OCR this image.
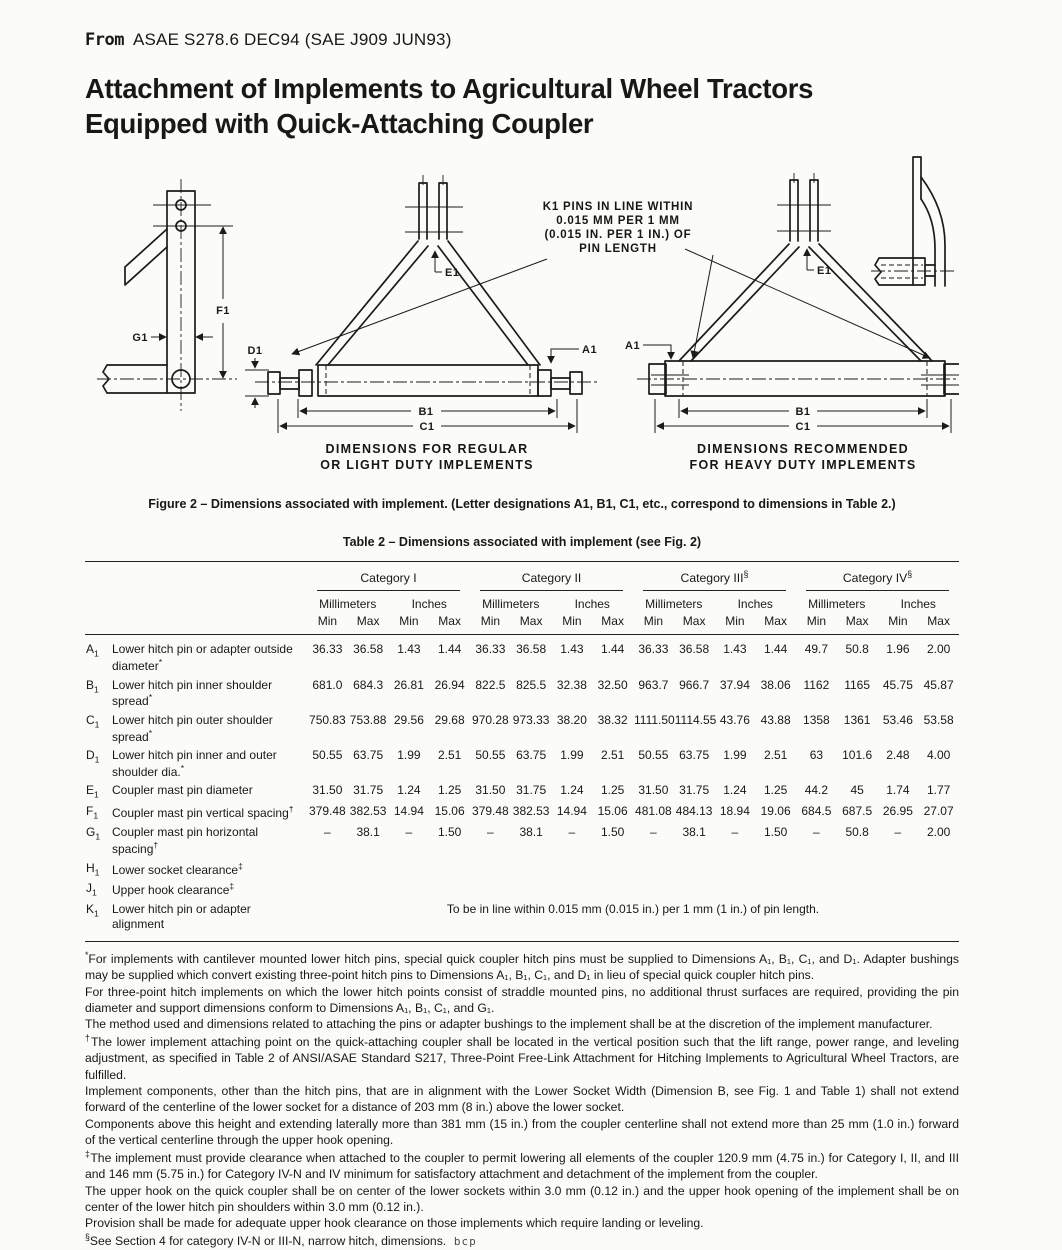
From ASAE S278.6 DEC94 (SAE J909 JUN93)
Attachment of Implements to Agricultural Wheel Tractors
Equipped with Quick-Attaching Coupler
F1
G1
K1 PINS IN LINE WITHIN
0.015 MM PER 1 MM
(0.015 IN. PER 1 IN.) OF
PIN LENGTH
E1
D1	A1
B1
C1
DIMENSIONS FOR REGULAR
OR LIGHT DUTY IMPLEMENTS
A1
E1
B1
C1
DIMENSIONS RECOMMENDED
FOR HEAVY DUTY IMPLEMENTS
Figure 2 – Dimensions associated with implement. (Letter designations A1, B1, C1, etc., correspond to dimensions in Table 2.)
Table 2 – Dimensions associated with implement (see Fig. 2)

		Category I				Category II				Category III§				Category IV§

		Millimeters		Inches		Millimeters		Inches		Millimeters		Inches		Millimeters		Inches	
		Min	Max	Min	Max	Min	Max	Min	Max	Min	Max	Min	Max	Min	Max	Min	Max
$A_1$	Lower hitch pin or adapter outside diameter*	36.33	36.58	1.43	1.44	36.33	36.58	1.43	1.44	36.33	36.58	1.43	1.44	49.7	50.8	1.96	2.00
$B_1$	Lower hitch pin inner shoulder spread*	681.0	684.3	26.81	26.94	822.5	825.5	32.38	32.50	963.7	966.7	37.94	38.06	1162	1165	45.75	45.87
$C_1$	Lower hitch pin outer shoulder spread*	750.83	753.88	29.56	29.68	970.28	973.33	38.20	38.32	1111.50	1114.55	43.76	43.88	1358	1361	53.46	53.58
$D_1$	Lower hitch pin inner and outer shoulder dia.*	50.55	63.75	1.99	2.51	50.55	63.75	1.99	2.51	50.55	63.75	1.99	2.51	63	101.6	2.48	4.00
$E_1$	Coupler mast pin diameter	31.50	31.75	1.24	1.25	31.50	31.75	1.24	1.25	31.50	31.75	1.24	1.25	44.2	45	1.74	1.77
$F_1$	Coupler mast pin vertical spacing†	379.48	382.53	14.94	15.06	379.48	382.53	14.94	15.06	481.08	484.13	18.94	19.06	684.5	687.5	26.95	27.07
$G_1$	Coupler mast pin horizontal spacing†	–	38.1	–	1.50	–	38.1	–	1.50	–	38.1	–	1.50	–	50.8	–	2.00
$H_1$	Lower socket clearance‡	
$J_1$	Upper hook clearance‡	
$K_1$	Lower hitch pin or adapter alignment	To be in line within 0.015 mm (0.015 in.) per 1 mm (1 in.) of pin length.															

*For implements with cantilever mounted lower hitch pins, special quick coupler hitch pins must be supplied to Dimensions A₁, B₁, C₁, and D₁. Adapter bushings may be supplied which convert existing three-point hitch pins to Dimensions A₁, B₁, C₁, and D₁ in lieu of special quick coupler hitch pins.

For three-point hitch implements on which the lower hitch points consist of straddle mounted pins, no additional thrust surfaces are required, providing the pin diameter and support dimensions conform to Dimensions A₁, B₁, C₁, and G₁.

The method used and dimensions related to attaching the pins or adapter bushings to the implement shall be at the discretion of the implement manufacturer.

†The lower implement attaching point on the quick-attaching coupler shall be located in the vertical position such that the lift range, power range, and leveling adjustment, as specified in Table 2 of ANSI/ASAE Standard S217, Three-Point Free-Link Attachment for Hitching Implements to Agricultural Wheel Tractors, are fulfilled.

Implement components, other than the hitch pins, that are in alignment with the Lower Socket Width (Dimension B, see Fig. 1 and Table 1) shall not extend forward of the centerline of the lower socket for a distance of 203 mm (8 in.) above the lower socket.

Components above this height and extending laterally more than 381 mm (15 in.) from the coupler centerline shall not extend more than 25 mm (1.0 in.) forward of the vertical centerline through the upper hook opening.

‡The implement must provide clearance when attached to the coupler to permit lowering all elements of the coupler 120.9 mm (4.75 in.) for Category I, II, and III and 146 mm (5.75 in.) for Category IV-N and IV minimum for satisfactory attachment and detachment of the implement from the coupler.

The upper hook on the quick coupler shall be on center of the lower sockets within 3.0 mm (0.12 in.) and the upper hook opening of the implement shall be on center of the lower hitch pin shoulders within 3.0 mm (0.12 in.).

Provision shall be made for adequate upper hook clearance on those implements which require landing or leveling.

§See Section 4 for category IV-N or III-N, narrow hitch, dimensions. bcp
